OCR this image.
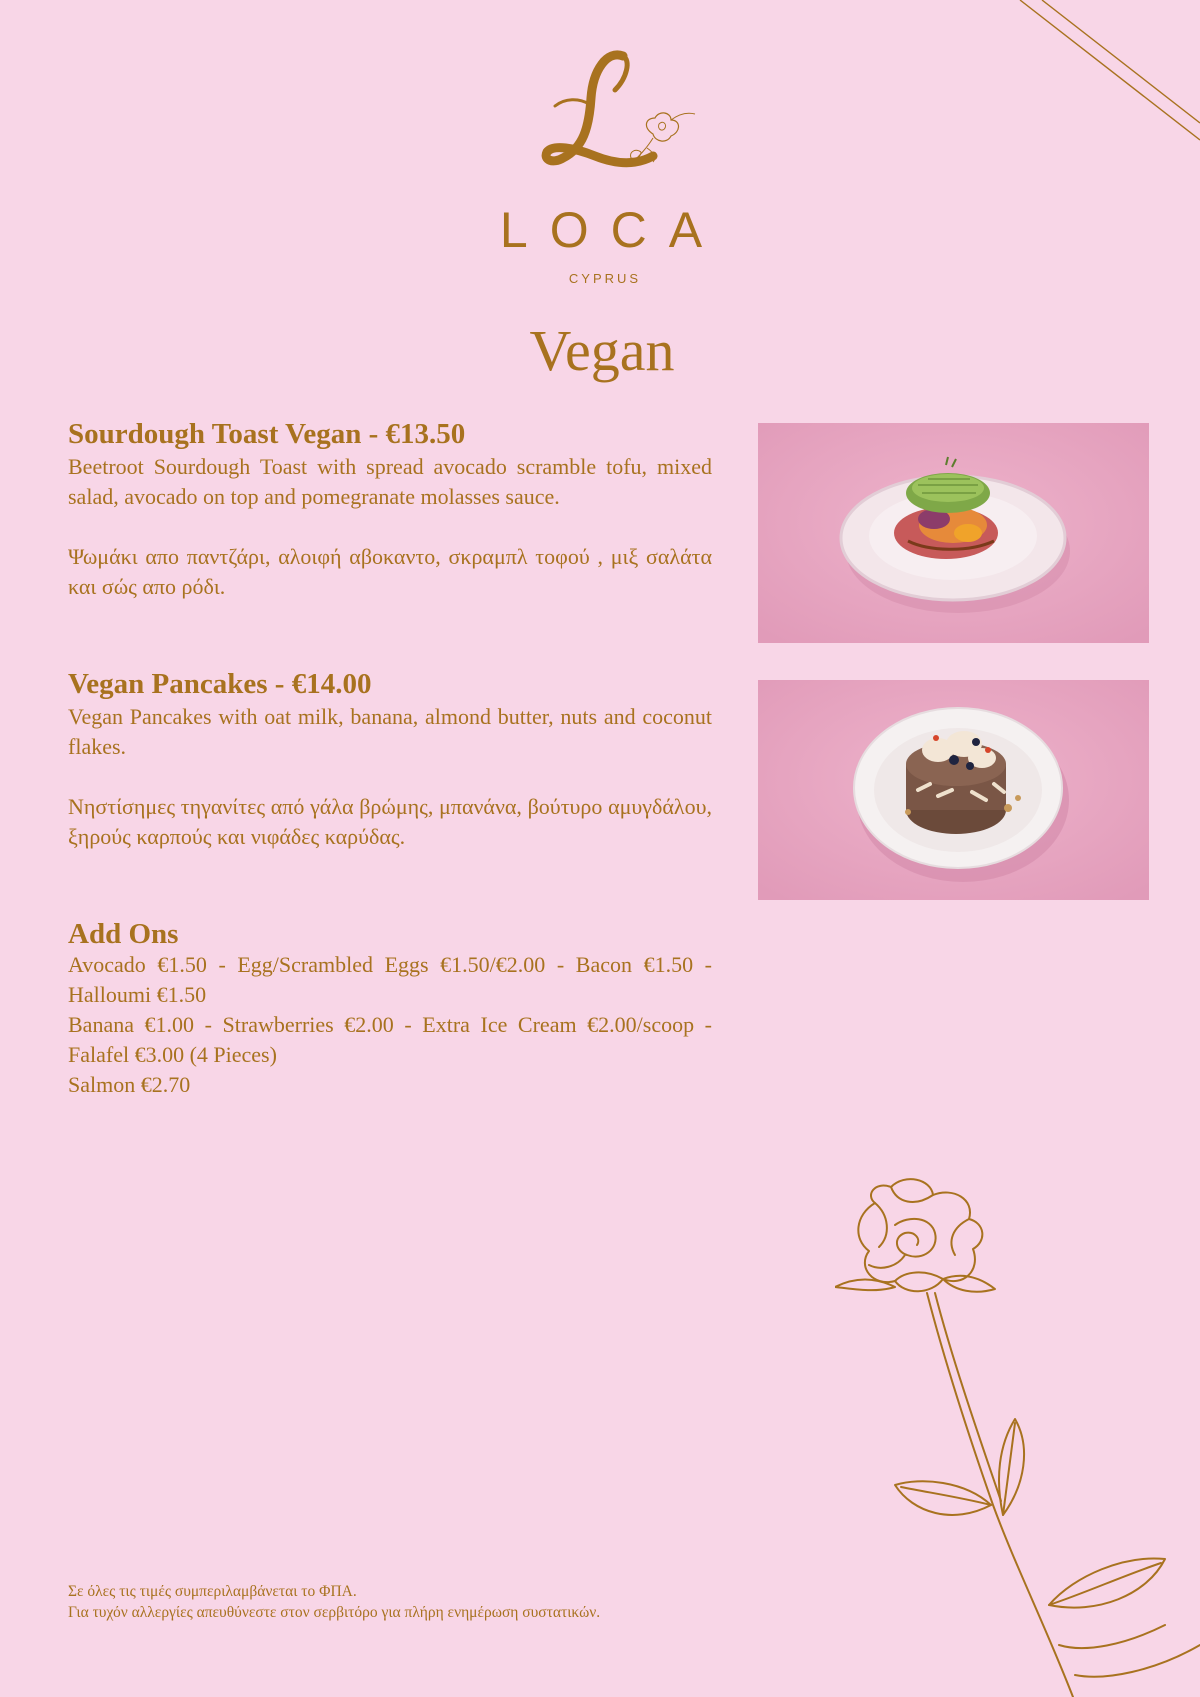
LOCA
CYPRUS
Vegan
Sourdough Toast Vegan - €13.50

Beetroot Sourdough Toast with spread avocado scramble tofu, mixed salad, avocado on top and pomegranate molasses sauce.

Ψωμάκι απο παντζάρι, αλοιφή αβοκαντο, σκραμπλ τοφού , μιξ σαλάτα και σώς απο ρόδι.

Vegan Pancakes - €14.00

Vegan Pancakes with oat milk, banana, almond butter, nuts and coconut flakes.

Νηστίσημες τηγανίτες από γάλα βρώμης, μπανάνα, βούτυρο αμυγδάλου, ξηρούς καρπούς και νιφάδες καρύδας.

Add Ons

Avocado €1.50 - Egg/Scrambled Eggs €1.50/€2.00 - Bacon €1.50 - Halloumi €1.50

Banana €1.00 - Strawberries €2.00 - Extra Ice Cream €2.00/scoop - Falafel €3.00 (4 Pieces)

Salmon €2.70

Σε όλες τις τιμές συμπεριλαμβάνεται το ΦΠΑ.

Για τυχόν αλλεργίες απευθύνεστε στον σερβιτόρο για πλήρη ενημέρωση συστατικών.
